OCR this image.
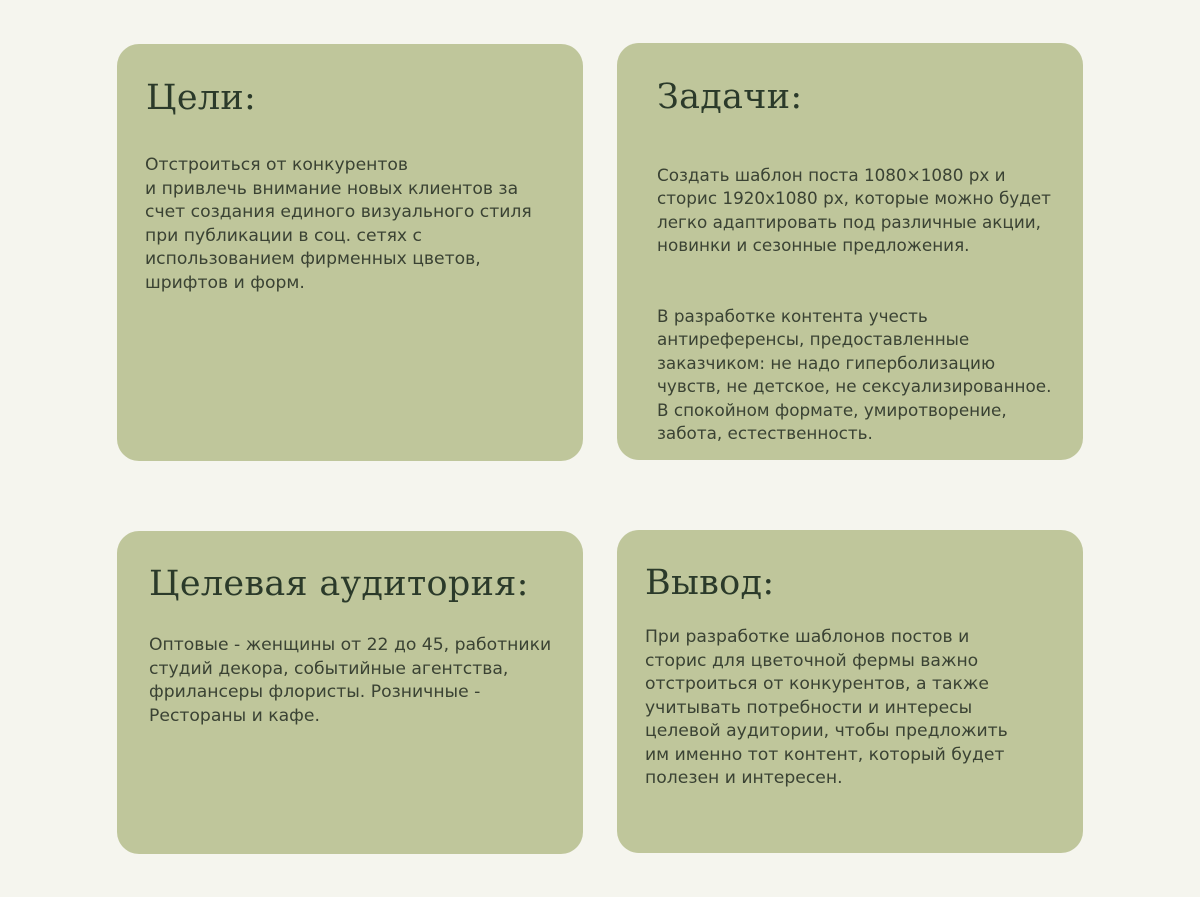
Цели:
Отстроиться от конкурентов
и привлечь внимание новых клиентов за
счет создания единого визуального стиля
при публикации в соц. сетях с
использованием фирменных цветов,
шрифтов и форм.
Задачи:

Создать шаблон поста 1080×1080 px и
сторис 1920x1080 px, которые можно будет
легко адаптировать под различные акции,
новинки и сезонные предложения.

В разработке контента учесть
антиреференсы, предоставленные
заказчиком: не надо гиперболизацию
чувств, не детское, не сексуализированное.
В спокойном формате, умиротворение,
забота, естественность.

Целевая аудитория:
Оптовые - женщины от 22 до 45, работники
студий декора, событийные агентства,
фрилансеры флористы. Розничные -
Рестораны и кафе.
Вывод:
При разработке шаблонов постов и
сторис для цветочной фермы важно
отстроиться от конкурентов, а также
учитывать потребности и интересы
целевой аудитории, чтобы предложить
им именно тот контент, который будет
полезен и интересен.
